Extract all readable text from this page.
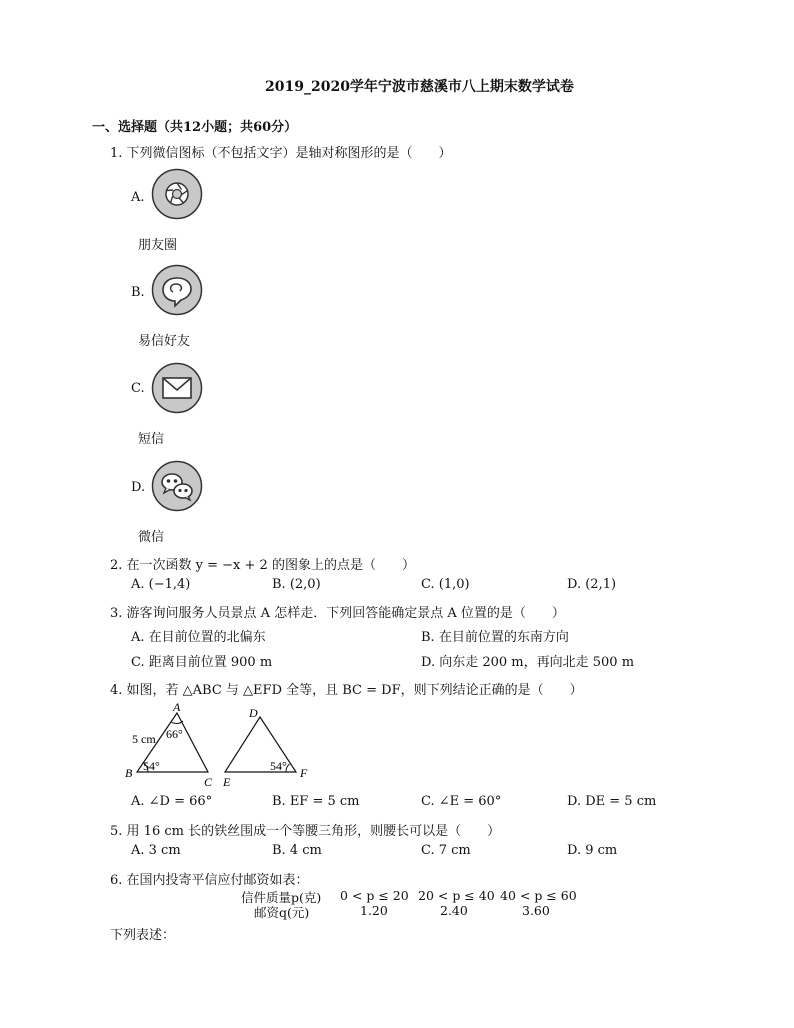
2019_2020学年宁波市慈溪市八上期末数学试卷
一、选择题（共12小题；共60分）
1. 下列微信图标（不包括文字）是轴对称图形的是（　　）
A.
朋友圈
B.
易信好友
C.
短信
D.
微信
2. 在一次函数 y = −x + 2 的图象上的点是（　　）
A. (−1,4)	B. (2,0)	C. (1,0)	D. (2,1)
3. 游客询问服务人员景点 A 怎样走．下列回答能确定景点 A 位置的是（　　）
A. 在目前位置的北偏东	B. 在目前位置的东南方向
C. 距离目前位置 900 m	D. 向东走 200 m，再向北走 500 m
4. 如图，若 △ABC 与 △EFD 全等，且 BC = DF，则下列结论正确的是（　　）
A
B
C
5 cm 66°
54°
D
E
F
54°
A. ∠D = 66°	B. EF = 5 cm	C. ∠E = 60°	D. DE = 5 cm
5. 用 16 cm 长的铁丝围成一个等腰三角形，则腰长可以是（　　）
A. 3 cm	B. 4 cm	C. 7 cm	D. 9 cm
6. 在国内投寄平信应付邮资如表：
信件质量p(克) 0 < p ≤ 20 20 < p ≤ 40 40 < p ≤ 60
邮资q(元)	1.20	2.40	3.60
下列表述：
